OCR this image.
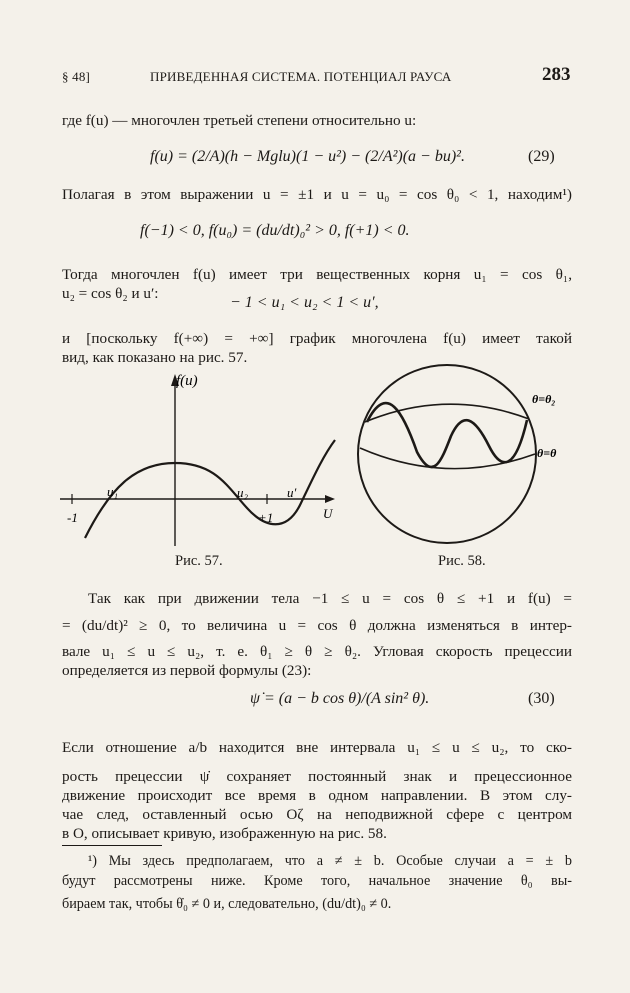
§ 48]	ПРИВЕДЕННАЯ СИСТЕМА. ПОТЕНЦИАЛ РАУСА	283
где f(u) — многочлен третьей степени относительно u:
f(u) = (2/A)(h − Mglu)(1 − u²) − (2/A²)(a − bu)².	(29)
Полагая в этом выражении u = ±1 и u = u₀ = cos θ₀ < 1, находим¹)
f(−1) < 0, f(u₀) = (du/dt)₀² > 0, f(+1) < 0.
Тогда многочлен f(u) имеет три вещественных корня u₁ = cos θ₁,
u₂ = cos θ₂ и u′:
− 1 < u₁ < u₂ < 1 < u′,
и [поскольку f(+∞) = +∞] график многочлена f(u) имеет такой
вид, как показано на рис. 57.
f(u)
u₁	u₂	u′
-1	+1	U
Рис. 57.
θ=θ₂
θ=θ
Рис. 58.
Так как при движении тела −1 ≤ u = cos θ ≤ +1 и f(u) =
= (du/dt)² ≥ 0, то величина u = cos θ должна изменяться в интер-
вале u₁ ≤ u ≤ u₂, т. е. θ₁ ≥ θ ≥ θ₂. Угловая скорость прецессии
определяется из первой формулы (23):
ψ̇ = (a − b cos θ)/(A sin² θ).	(30)
Если отношение a/b находится вне интервала u₁ ≤ u ≤ u₂, то ско-
рость прецессии ψ̇ сохраняет постоянный знак и прецессионное
движение происходит все время в одном направлении. В этом слу-
чае след, оставленный осью Oζ на неподвижной сфере с центром
в O, описывает кривую, изображенную на рис. 58.
¹) Мы здесь предполагаем, что a ≠ ± b. Особые случаи a = ± b
будут рассмотрены ниже. Кроме того, начальное значение θ₀ вы-
бираем так, чтобы θ̇₀ ≠ 0 и, следовательно, (du/dt)₀ ≠ 0.
